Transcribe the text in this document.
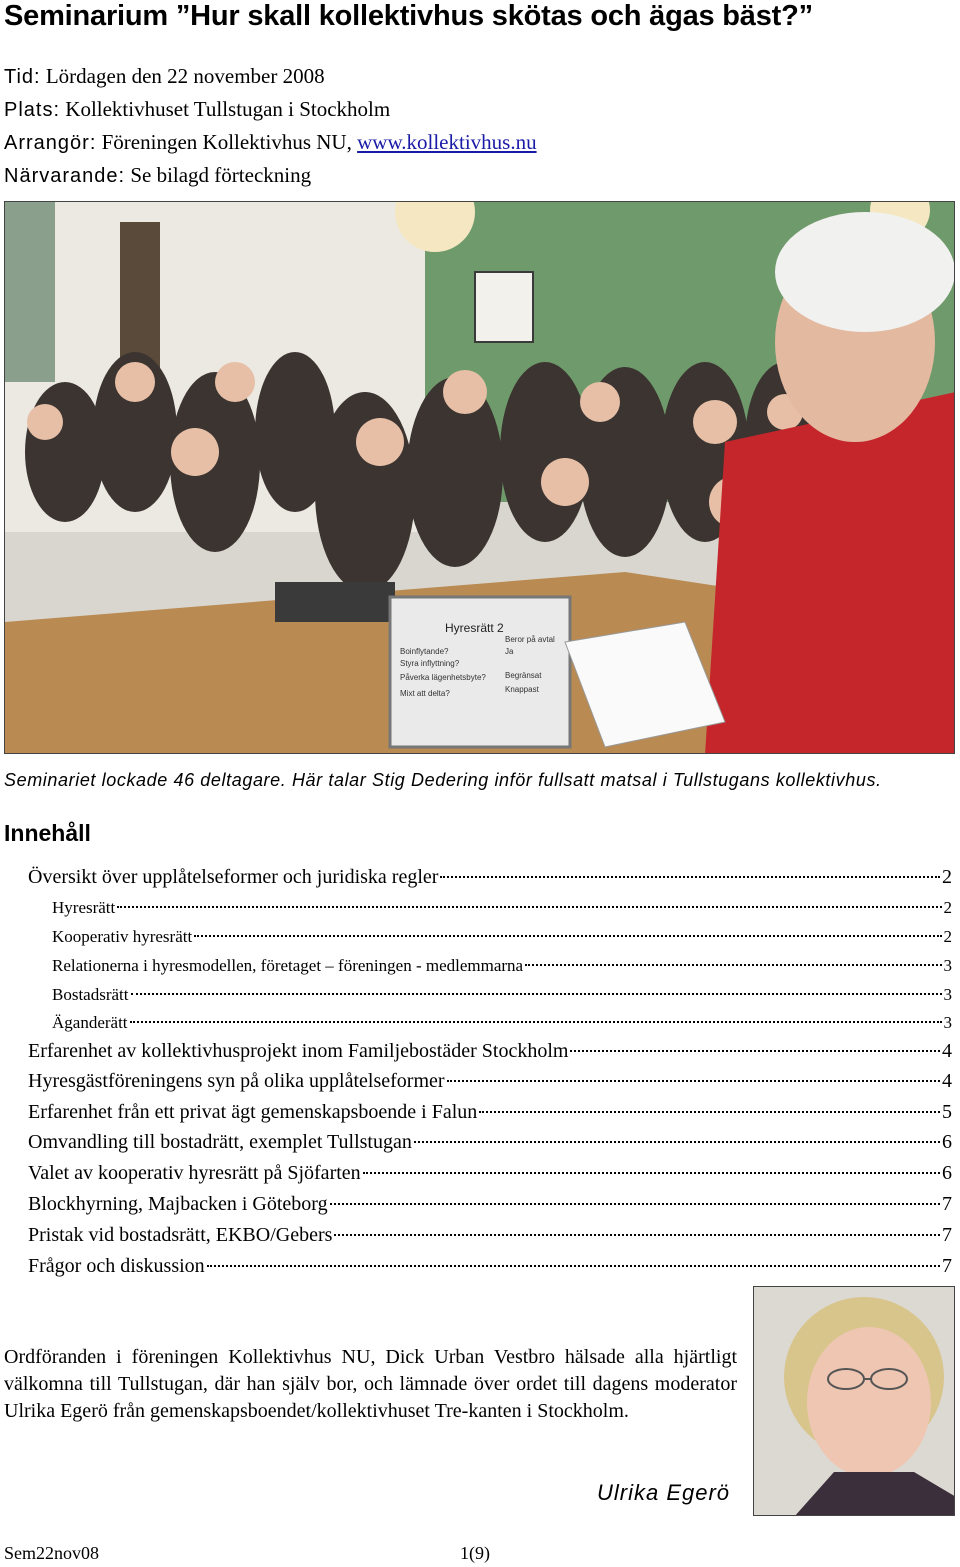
Seminarium ”Hur skall kollektivhus skötas och ägas bäst?”
Tid: Lördagen den 22 november 2008
Plats: Kollektivhuset Tullstugan i Stockholm
Arrangör: Föreningen Kollektivhus NU, www.kollektivhus.nu
Närvarande: Se bilagd förteckning
Hyresrätt 2
Boinflytande?
Styra inflyttning?
Påverka lägenhetsbyte?
Mixt att delta?
Beror på avtal
Ja
Begränsat
Knappast
Seminariet lockade 46 deltagare. Här talar Stig Dedering inför fullsatt matsal i Tullstugans kollektivhus.
Innehåll
Översikt över upplåtelseformer och juridiska regler	2
Hyresrätt	2
Kooperativ hyresrätt	2
Relationerna i hyresmodellen, företaget – föreningen - medlemmarna	3
Bostadsrätt	3
Äganderätt	3
Erfarenhet av kollektivhusprojekt inom Familjebostäder Stockholm	4
Hyresgästföreningens syn på olika upplåtelseformer	4
Erfarenhet från ett privat ägt gemenskapsboende i Falun	5
Omvandling till bostadrätt, exemplet Tullstugan	6
Valet av kooperativ hyresrätt på Sjöfarten	6
Blockhyrning, Majbacken i Göteborg	7
Pristak vid bostadsrätt, EKBO/Gebers	7
Frågor och diskussion	7
Ordföranden i föreningen Kollektivhus NU, Dick Urban Vestbro hälsade alla hjärtligt välkomna till Tullstugan, där han själv bor, och lämnade över ordet till dagens moderator Ulrika Egerö från gemenskapsboendet/kollektivhuset Tre-kanten i Stockholm.
Ulrika Egerö
Sem22nov08	1(9)
